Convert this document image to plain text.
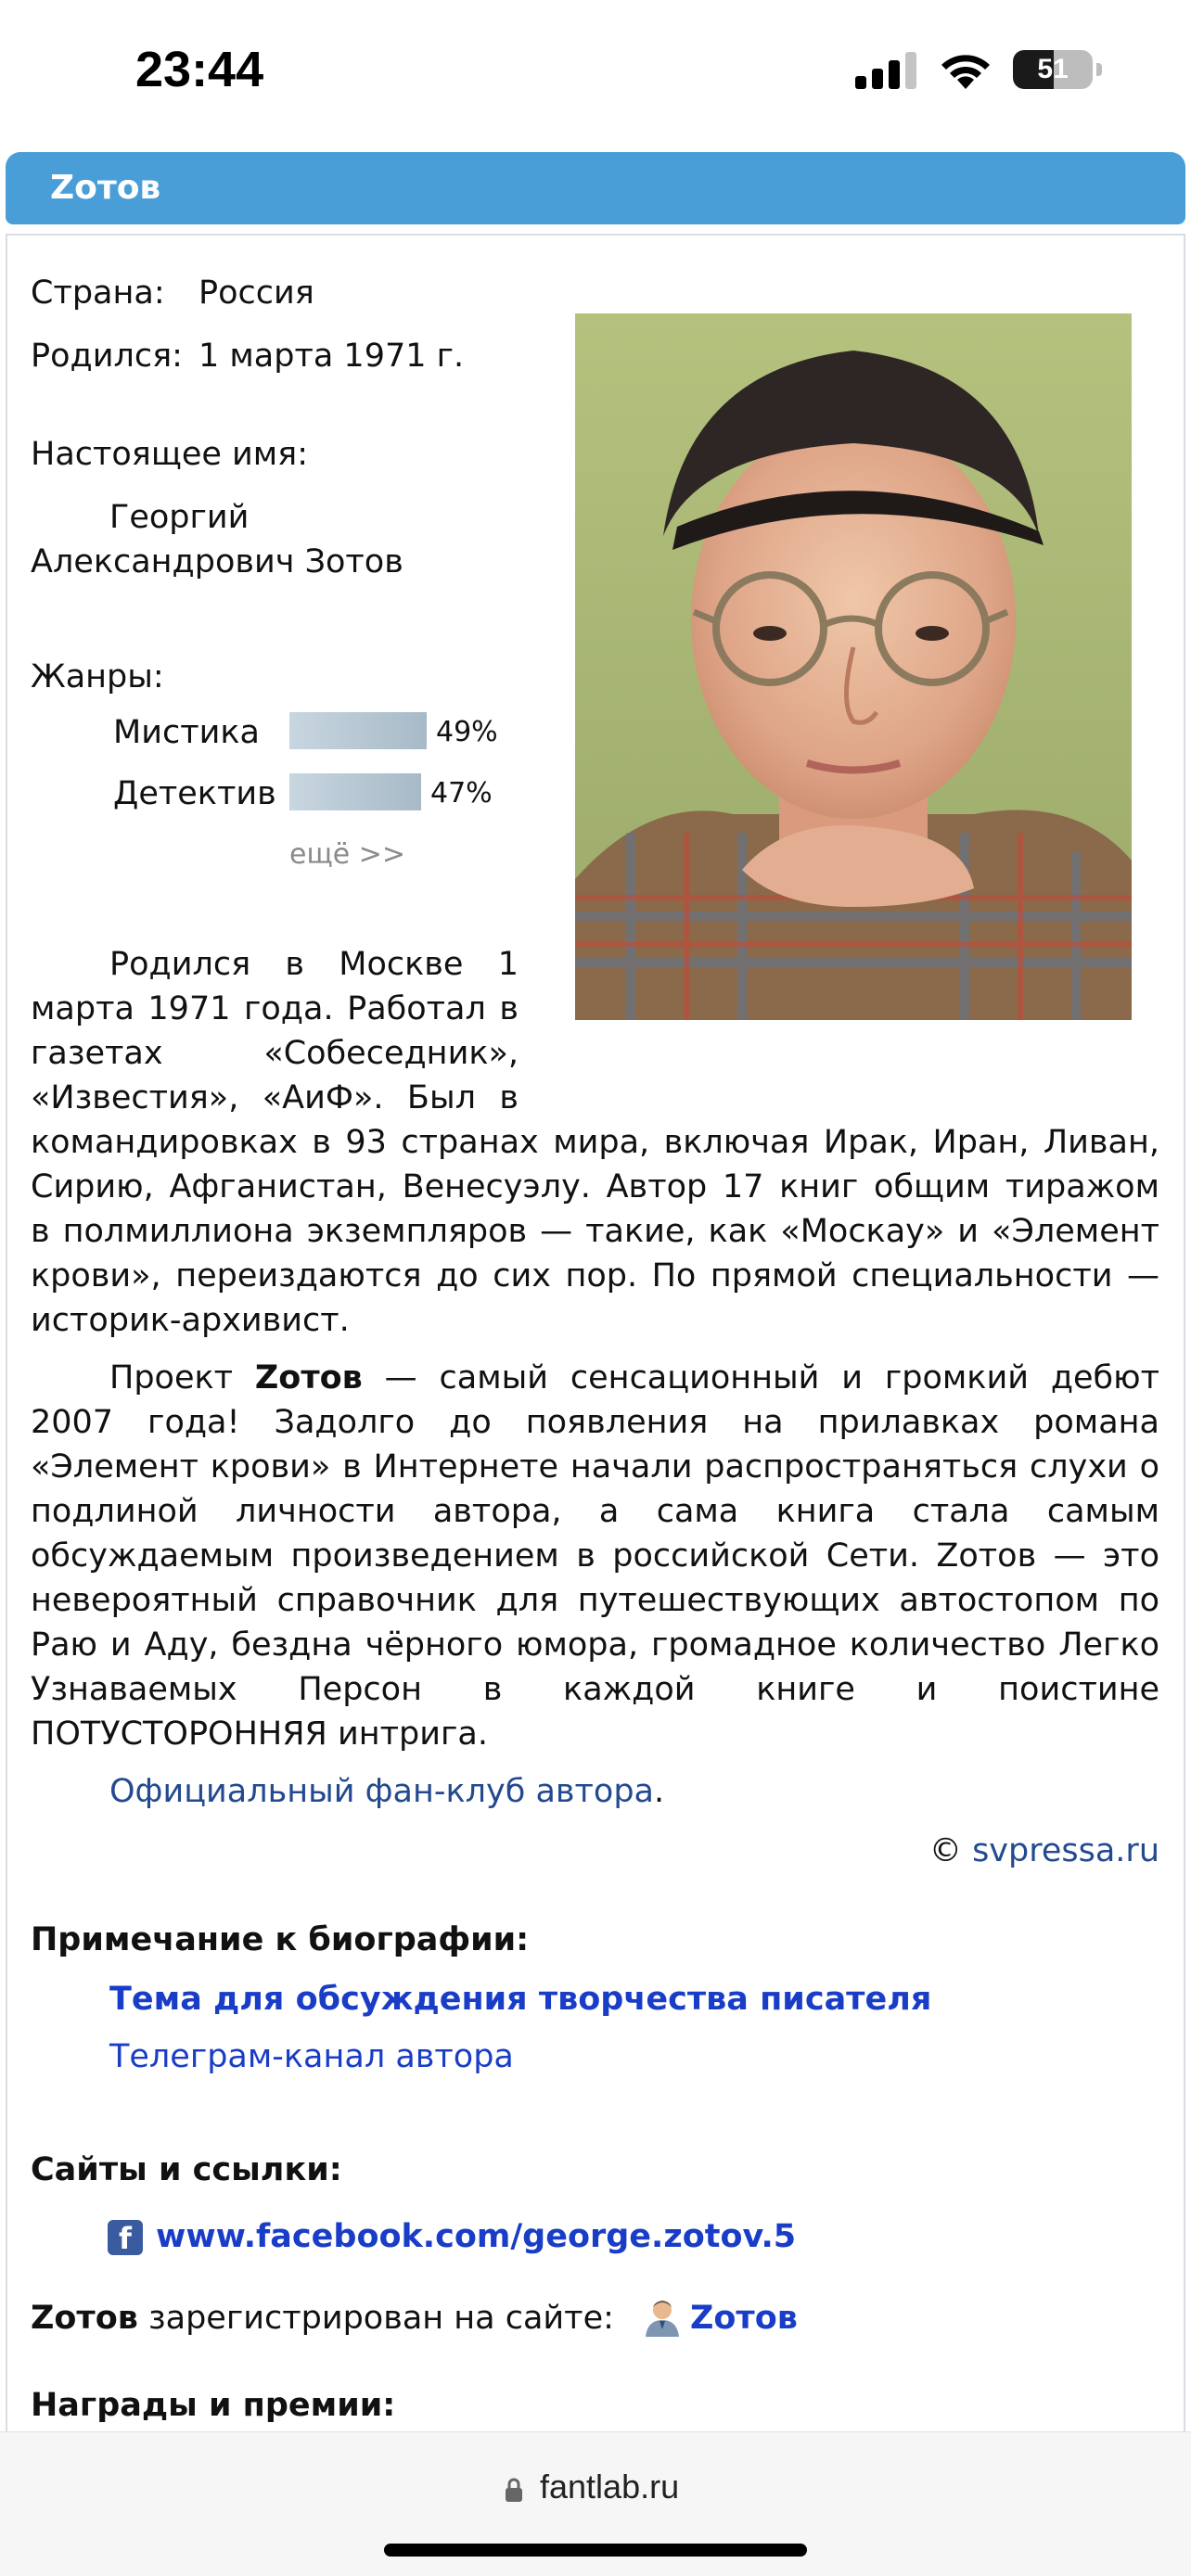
23:44	51
Zотов
Страна: Россия
Родился: 1 марта 1971 г.
Настоящее имя:
Георгий
Александрович Зотов
Жанры:
Мистика	49%
Детектив	47%
ещё >>
Родился в Москве 1
марта 1971 года. Работал в
газетах «Собеседник»,
«Известия», «АиФ». Был в
командировках в 93 странах мира, включая Ирак, Иран, Ливан,
Сирию, Афганистан, Венесуэлу. Автор 17 книг общим тиражом
в полмиллиона экземпляров — такие, как «Москау» и «Элемент
крови», переиздаются до сих пор. По прямой специальности —
историк-архивист.
Проект Zотов — самый сенсационный и громкий дебют
2007 года! Задолго до появления на прилавках романа
«Элемент крови» в Интернете начали распространяться слухи о
подлиной личности автора, а сама книга стала самым
обсуждаемым произведением в российской Сети. Zотов — это
невероятный справочник для путешествующих автостопом по
Раю и Аду, бездна чёрного юмора, громадное количество Легко
Узнаваемых Персон в каждой книге и поистине
ПОТУСТОРОННЯЯ интрига.
Официальный фан-клуб автора.
© svpressa.ru
Примечание к биографии:
Тема для обсуждения творчества писателя
Телеграм-канал автора
Сайты и ссылки:
f www.facebook.com/george.zotov.5
Zотов зарегистрирован на сайте: Zотов
Награды и премии:
fantlab.ru
